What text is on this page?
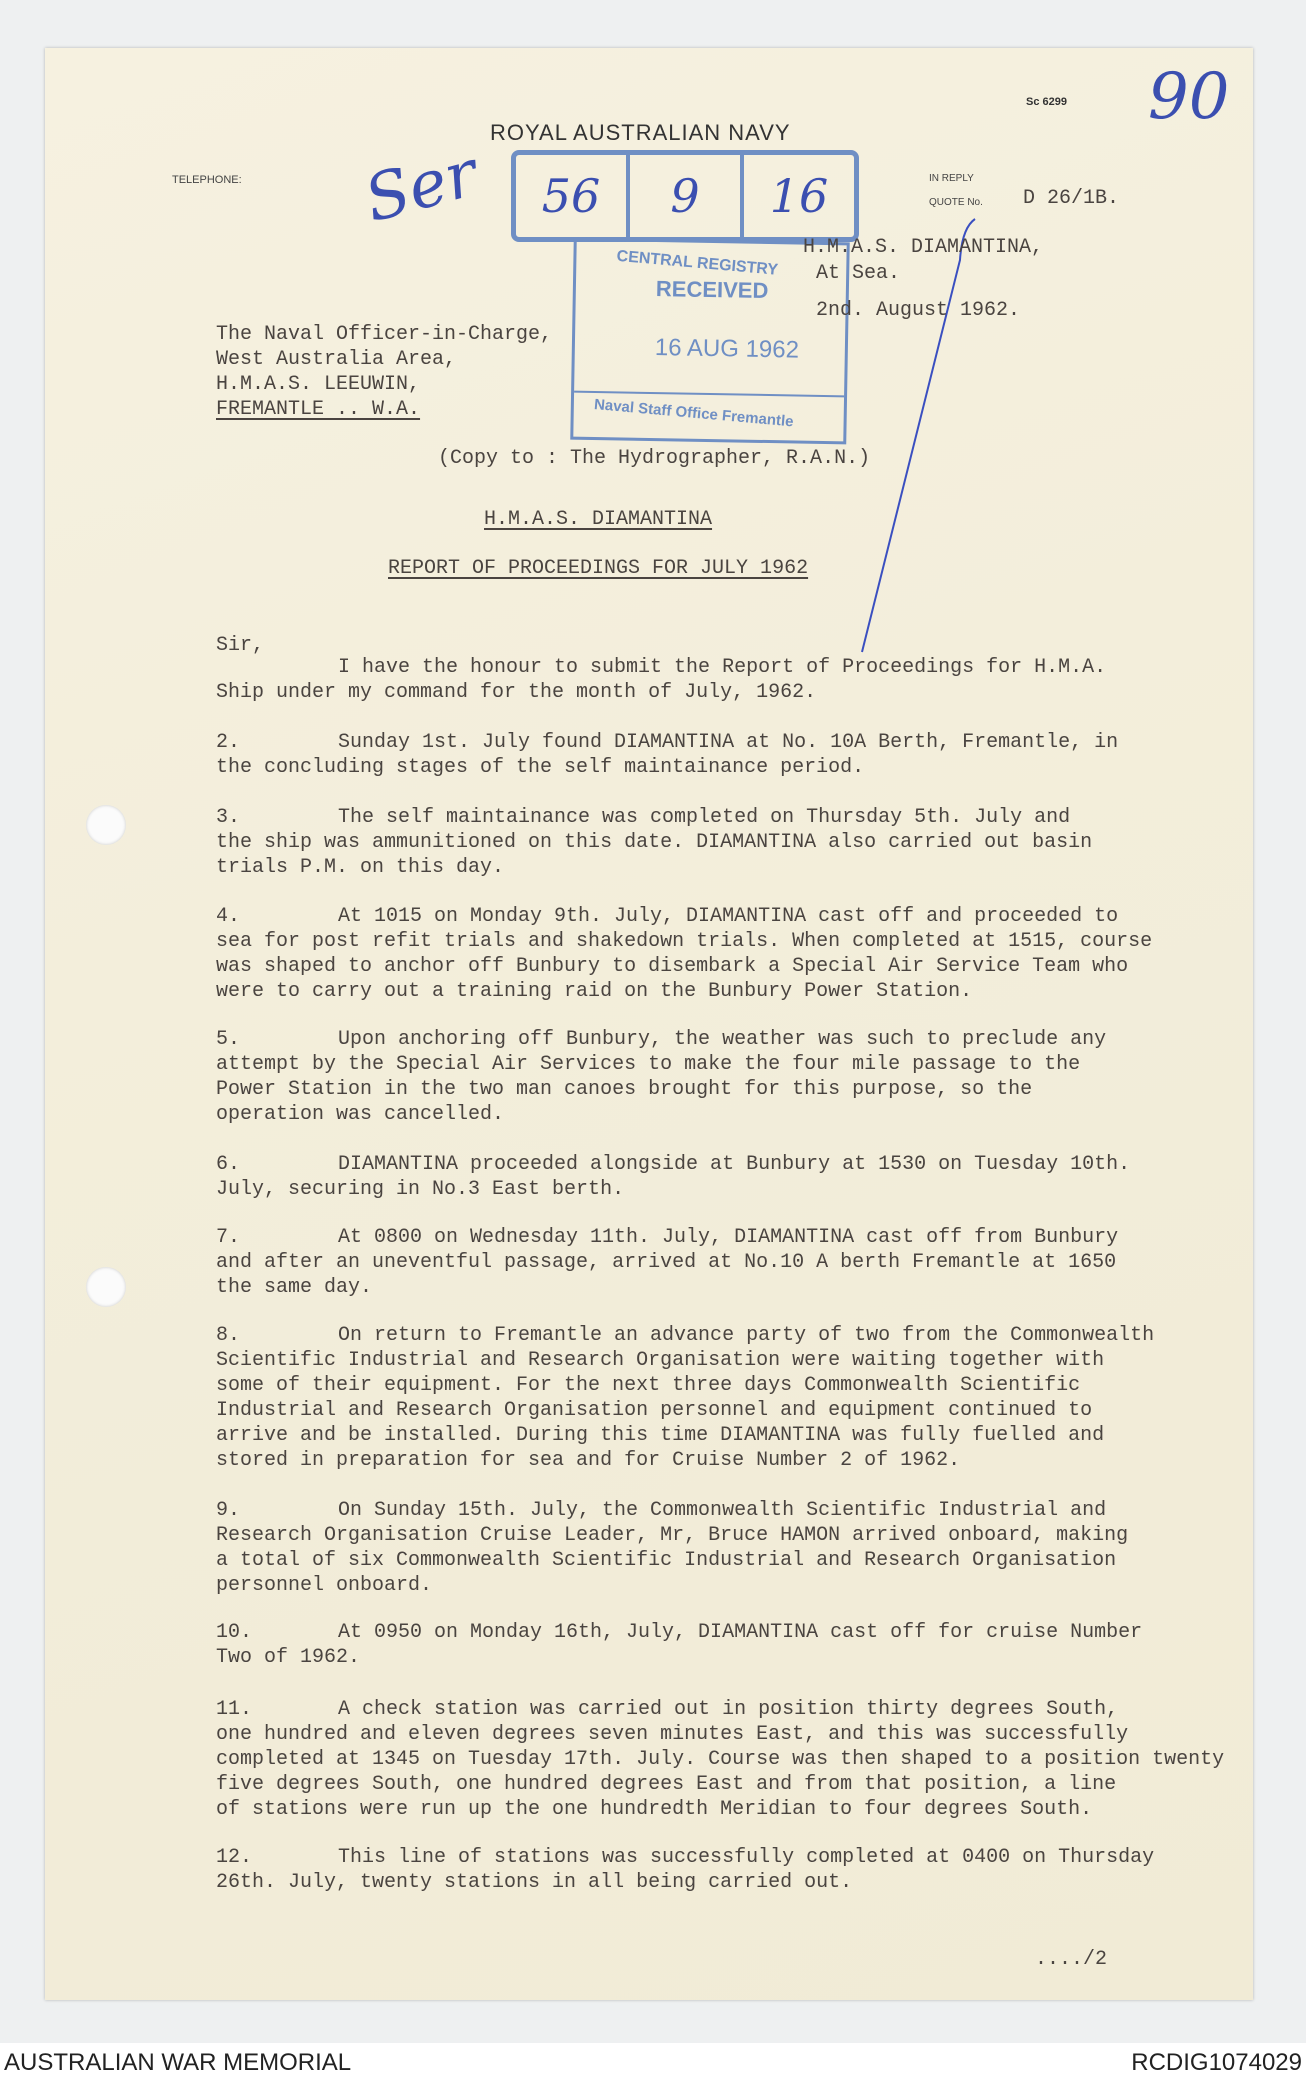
ROYAL AUSTRALIAN NAVY
Sc 6299 90
TELEPHONE:	IN REPLY
QUOTE No. D 26/1B.
Ser	56	9	16
CENTRAL REGISTRY
RECEIVED
16 AUG 1962
Naval Staff Office Fremantle
H.M.A.S. DIAMANTINA,
At Sea.
2nd. August 1962.
The Naval Officer-in-Charge,
West Australia Area,
H.M.A.S. LEEUWIN,
FREMANTLE .. W.A.
(Copy to : The Hydrographer, R.A.N.)
H.M.A.S. DIAMANTINA
REPORT OF PROCEEDINGS FOR JULY 1962
Sir,
I have the honour to submit the Report of Proceedings for H.M.A.
Ship under my command for the month of July, 1962.
2.	Sunday 1st. July found DIAMANTINA at No. 10A Berth, Fremantle, in
the concluding stages of the self maintainance period.
3.	The self maintainance was completed on Thursday 5th. July and
the ship was ammunitioned on this date. DIAMANTINA also carried out basin
trials P.M. on this day.
4.	At 1015 on Monday 9th. July, DIAMANTINA cast off and proceeded to
sea for post refit trials and shakedown trials. When completed at 1515, course
was shaped to anchor off Bunbury to disembark a Special Air Service Team who
were to carry out a training raid on the Bunbury Power Station.
5.	Upon anchoring off Bunbury, the weather was such to preclude any
attempt by the Special Air Services to make the four mile passage to the
Power Station in the two man canoes brought for this purpose, so the
operation was cancelled.
6.	DIAMANTINA proceeded alongside at Bunbury at 1530 on Tuesday 10th.
July, securing in No.3 East berth.
7.	At 0800 on Wednesday 11th. July, DIAMANTINA cast off from Bunbury
and after an uneventful passage, arrived at No.10 A berth Fremantle at 1650
the same day.
8.	On return to Fremantle an advance party of two from the Commonwealth
Scientific Industrial and Research Organisation were waiting together with
some of their equipment. For the next three days Commonwealth Scientific
Industrial and Research Organisation personnel and equipment continued to
arrive and be installed. During this time DIAMANTINA was fully fuelled and
stored in preparation for sea and for Cruise Number 2 of 1962.
9.	On Sunday 15th. July, the Commonwealth Scientific Industrial and
Research Organisation Cruise Leader, Mr, Bruce HAMON arrived onboard, making
a total of six Commonwealth Scientific Industrial and Research Organisation
personnel onboard.
10.	At 0950 on Monday 16th, July, DIAMANTINA cast off for cruise Number
Two of 1962.
11.	A check station was carried out in position thirty degrees South,
one hundred and eleven degrees seven minutes East, and this was successfully
completed at 1345 on Tuesday 17th. July. Course was then shaped to a position twenty
five degrees South, one hundred degrees East and from that position, a line
of stations were run up the one hundredth Meridian to four degrees South.
12.	This line of stations was successfully completed at 0400 on Thursday
26th. July, twenty stations in all being carried out.
..../2
AUSTRALIAN WAR MEMORIAL	RCDIG1074029
